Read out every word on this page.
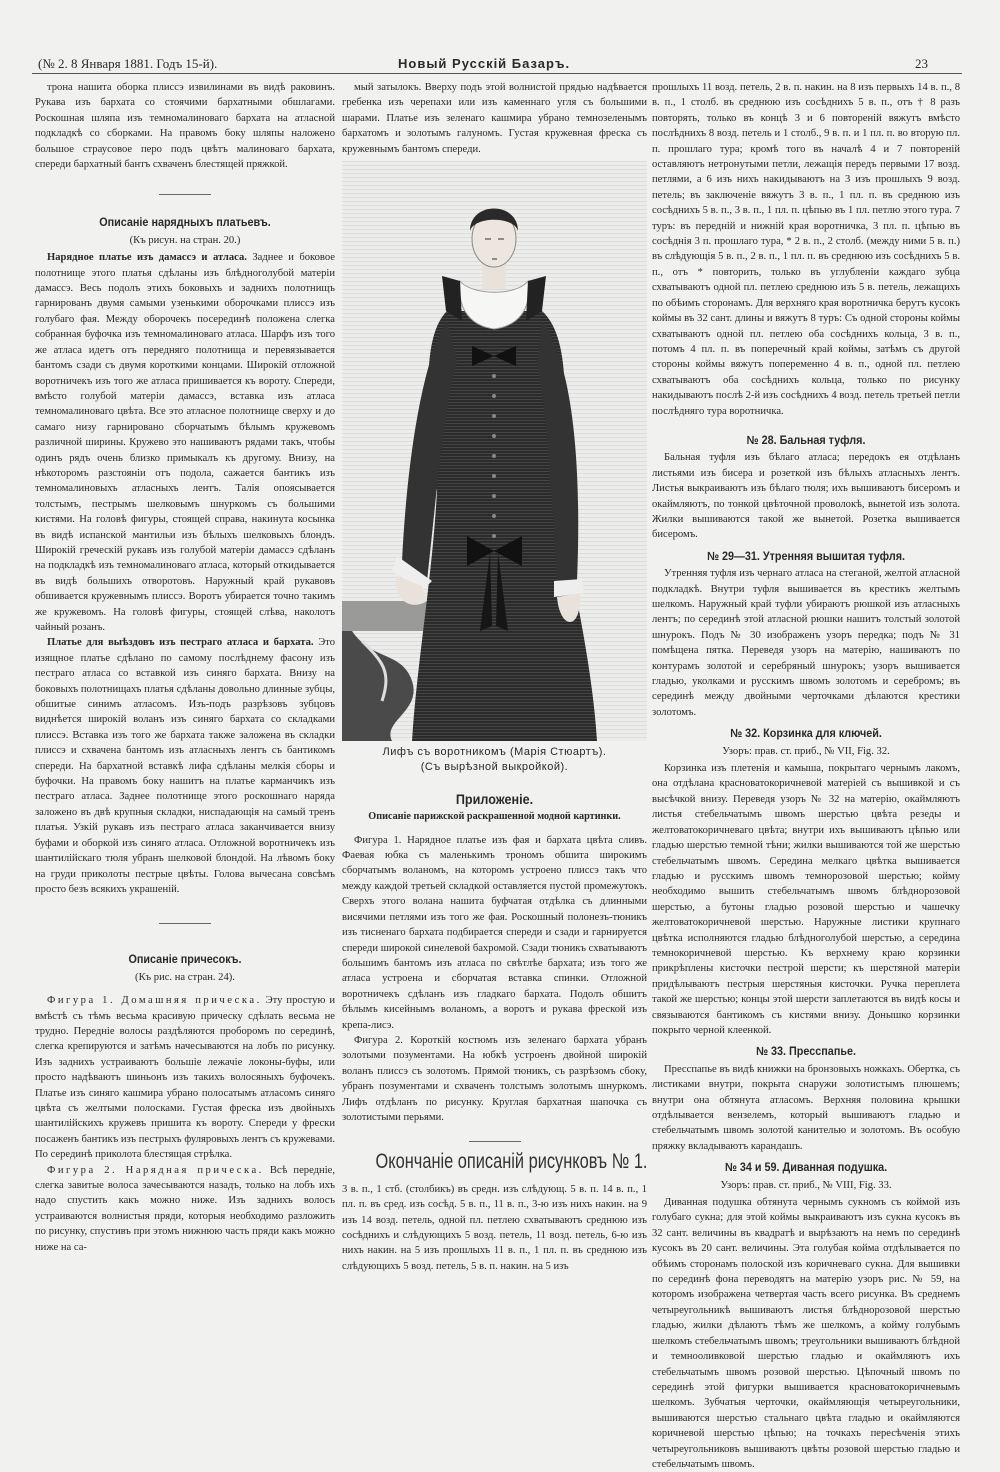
(№ 2. 8 Января 1881. Годъ 15-й).	Новый Русскій Базаръ.	23

трона нашита оборка плиссэ извилинами въ видѣ раковинъ. Рукава изъ бархата со стоячими бархатными обшлагами. Роскошная шляпа изъ темномалиноваго бархата на атласной подкладкѣ со сборками. На правомъ боку шляпы наложено большое страусовое перо подъ цвѣтъ малиноваго бархата, спереди бархатный бантъ схваченъ блестящей пряжкой.

Описаніе нарядныхъ платьевъ.
(Къ рисун. на стран. 20.)

Нарядное платье изъ дамассэ и атласа. Заднее и боковое полотнище этого платья сдѣланы изъ блѣдноголубой матеріи дамассэ. Весь подолъ этихъ боковыхъ и заднихъ полотнищъ гарнированъ двумя самыми узенькими оборочками плиссэ изъ голубаго фая. Между оборочекъ посерединѣ положена слегка собранная буфочка изъ темномалиноваго атласа. Шарфъ изъ того же атласа идетъ отъ передняго полотнища и перевязывается бантомъ сзади съ двумя короткими концами. Широкій отложной воротничекъ изъ того же атласа пришивается къ вороту. Спереди, вмѣсто голубой матеріи дамассэ, вставка изъ атласа темномалиноваго цвѣта. Все это атласное полотнище сверху и до самаго низу гарнировано сборчатымъ бѣлымъ кружевомъ различной ширины. Кружево это нашиваютъ рядами такъ, чтобы одинъ рядъ очень близко примыкалъ къ другому. Внизу, на нѣкоторомъ разстояніи отъ подола, сажается бантикъ изъ темномалиновыхъ атласныхъ лентъ. Талія опоясывается толстымъ, пестрымъ шелковымъ шнуркомъ съ большими кистями. На головѣ фигуры, стоящей справа, накинута косынка въ видѣ испанской мантильи изъ бѣлыхъ шелковыхъ блондъ. Широкій греческій рукавъ изъ голубой матеріи дамассэ сдѣланъ на подкладкѣ изъ темномалиноваго атласа, который откидывается въ видѣ большихъ отворотовъ. Наружный край рукавовъ обшивается кружевнымъ плиссэ. Воротъ убирается точно такимъ же кружевомъ. На головѣ фигуры, стоящей слѣва, наколотъ чайный розанъ.

Платье для выѣздовъ изъ пестраго атласа и бархата. Это изящное платье сдѣлано по самому послѣднему фасону изъ пестраго атласа со вставкой изъ синяго бархата. Внизу на боковыхъ полотнищахъ платья сдѣланы довольно длинные зубцы, обшитые синимъ атласомъ. Изъ-подъ разрѣзовъ зубцовъ виднѣется широкій воланъ изъ синяго бархата со складками плиссэ. Вставка изъ того же бархата также заложена въ складки плиссэ и схвачена бантомъ изъ атласныхъ лентъ съ бантикомъ спереди. На бархатной вставкѣ лифа сдѣланы мелкія сборы и буфочки. На правомъ боку нашитъ на платье карманчикъ изъ пестраго атласа. Заднее полотнище этого роскошнаго наряда заложено въ двѣ крупныя складки, ниспадающія на самый тренъ платья. Узкій рукавъ изъ пестраго атласа заканчивается внизу буфами и оборкой изъ синяго атласа. Отложной воротничекъ изъ шантилійскаго тюля убранъ шелковой блондой. На лѣвомъ боку на груди приколоты пестрые цвѣты. Голова вычесана совсѣмъ просто безъ всякихъ украшеній.

Описаніе причесокъ.
(Къ рис. на стран. 24).

Фигура 1. Домашняя прическа. Эту простую и вмѣстѣ съ тѣмъ весьма красивую прическу сдѣлать весьма не трудно. Передніе волосы раздѣляются проборомъ по серединѣ, слегка крепируются и затѣмъ начесываются на лобъ по рисунку. Изъ заднихъ устраиваютъ большіе лежачіе локоны-буфы, или просто надѣваютъ шиньонъ изъ такихъ волосяныхъ буфочекъ. Платье изъ синяго кашмира убрано полосатымъ атласомъ синяго цвѣта съ желтыми полосками. Густая фреска изъ двойныхъ шантилійскихъ кружевъ пришита къ вороту. Спереди у фрески посаженъ бантикъ изъ пестрыхъ фуляровыхъ лентъ съ кружевами. По серединѣ приколота блестящая стрѣлка.

Фигура 2. Нарядная прическа. Всѣ передніе, слегка завитые волоса зачесываются назадъ, только на лобъ ихъ надо спустить какъ можно ниже. Изъ заднихъ волосъ устраиваются волнистыя пряди, которыя необходимо разложить по рисунку, спустивъ при этомъ нижнюю часть пряди какъ можно ниже на са-

мый затылокъ. Вверху подъ этой волнистой прядью надѣвается гребенка изъ черепахи или изъ каменнаго угля съ большими шарами. Платье изъ зеленаго кашмира убрано темнозеленымъ бархатомъ и золотымъ галуномъ. Густая кружевная фреска съ кружевнымъ бантомъ спереди.

Лифъ съ воротникомъ (Марія Стюартъ).
(Съ вырѣзной выкройкой).
Приложеніе.
Описаніе парижской раскрашенной модной картинки.

Фигура 1. Нарядное платье изъ фая и бархата цвѣта сливъ. Фаевая юбка съ маленькимъ трономъ обшита широкимъ сборчатымъ воланомъ, на которомъ устроено плиссэ такъ что между каждой третьей складкой оставляется пустой промежутокъ. Сверхъ этого волана нашита буфчатая отдѣлка съ длинными висячими петлями изъ того же фая. Роскошный полонезъ-тюникъ изъ тисненаго бархата подбирается спереди и сзади и гарнируется спереди широкой синелевой бахромой. Сзади тюникъ схватываютъ большимъ бантомъ изъ атласа по свѣтлѣе бархата; изъ того же атласа устроена и сборчатая вставка спинки. Отложной воротничекъ сдѣланъ изъ гладкаго бархата. Подолъ обшитъ бѣлымъ кисейнымъ воланомъ, а воротъ и рукава фреской изъ крепа-лисэ.

Фигура 2. Короткій костюмъ изъ зеленаго бархата убранъ золотыми позументами. На юбкѣ устроенъ двойной широкій воланъ плиссэ съ золотомъ. Прямой тюникъ, съ разрѣзомъ сбоку, убранъ позументами и схваченъ толстымъ золотымъ шнуркомъ. Лифъ отдѣланъ по рисунку. Круглая бархатная шапочка съ золотистыми перьями.

Окончаніе описаній рисунковъ № 1.

3 в. п., 1 стб. (столбикъ) въ средн. изъ слѣдующ. 5 в. п. 14 в. п., 1 пл. п. въ сред. изъ сосѣд. 5 в. п., 11 в. п., 3-ю изъ нихъ накин. на 9 изъ 14 возд. петель, одной пл. петлею схватываютъ среднюю изъ сосѣднихъ и слѣдующихъ 5 возд. петель, 11 возд. петель, 6-ю изъ нихъ накин. на 5 изъ прошлыхъ 11 в. п., 1 пл. п. въ среднюю изъ слѣдующихъ 5 возд. петель, 5 в. п. накин. на 5 изъ

прошлыхъ 11 возд. петель, 2 в. п. накин. на 8 изъ первыхъ 14 в. п., 8 в. п., 1 столб. въ среднюю изъ сосѣднихъ 5 в. п., отъ † 8 разъ повторять, только въ концѣ 3 и 6 повтореній вяжутъ вмѣсто послѣднихъ 8 возд. петель и 1 столб., 9 в. п. и 1 пл. п. во вторую пл. п. прошлаго тура; кромѣ того въ началѣ 4 и 7 повтореній оставляютъ нетронутыми петли, лежащія передъ первыми 17 возд. петлями, а 6 изъ нихъ накидываютъ на 3 изъ прошлыхъ 9 возд. петель; въ заключеніе вяжутъ 3 в. п., 1 пл. п. въ среднюю изъ сосѣднихъ 5 в. п., 3 в. п., 1 пл. п. цѣпью въ 1 пл. петлю этого тура. 7 туръ: въ передній и нижній края воротничка, 3 пл. п. цѣпью въ сосѣднія 3 п. прошлаго тура, * 2 в. п., 2 столб. (между ними 5 в. п.) въ слѣдующія 5 в. п., 2 в. п., 1 пл. п. въ среднюю изъ сосѣднихъ 5 в. п., отъ * повторить, только въ углубленіи каждаго зубца схватываютъ одной пл. петлею среднюю изъ 5 в. петель, лежащихъ по обѣимъ сторонамъ. Для верхняго края воротничка берутъ кусокъ коймы въ 32 сант. длины и вяжутъ 8 туръ: Съ одной стороны коймы схватываютъ одной пл. петлею оба сосѣднихъ кольца, 3 в. п., потомъ 4 пл. п. въ поперечный край коймы, затѣмъ съ другой стороны коймы вяжутъ попеременно 4 в. п., одной пл. петлею схватываютъ оба сосѣднихъ кольца, только по рисунку накидываютъ послѣ 2-й изъ сосѣднихъ 4 возд. петель третьей петли послѣдняго тура воротничка.

№ 28. Бальная туфля.

Бальная туфля изъ бѣлаго атласа; передокъ ея отдѣланъ листьями изъ бисера и розеткой изъ бѣлыхъ атласныхъ лентъ. Листья выкраиваютъ изъ бѣлаго тюля; ихъ вышиваютъ бисеромъ и окаймляютъ, по тонкой цвѣточной проволокѣ, вынетой изъ золота. Жилки вышиваются такой же вынетой. Розетка вышивается бисеромъ.

№ 29—31. Утренняя вышитая туфля.

Утренняя туфля изъ чернаго атласа на стеганой, желтой атласной подкладкѣ. Внутри туфля вышивается въ крестикъ желтымъ шелкомъ. Наружный край туфли убираютъ рюшкой изъ атласныхъ лентъ; по серединѣ этой атласной рюшки нашитъ толстый золотой шнурокъ. Подъ № 30 изображенъ узоръ передка; подъ № 31 помѣщена пятка. Переведя узоръ на матерію, нашиваютъ по контурамъ золотой и серебряный шнурокъ; узоръ вышивается гладью, уколками и русскимъ швомъ золотомъ и серебромъ; въ серединѣ между двойными черточками дѣлаются крестики золотомъ.

№ 32. Корзинка для ключей.
Узоръ: прав. ст. приб., № VII, Fig. 32.

Корзинка изъ плетенія и камыша, покрытаго чернымъ лакомъ, она отдѣлана красноватокоричневой матеріей съ вышивкой и съ высѣчкой внизу. Переведя узоръ № 32 на матерію, окаймляютъ листья стебельчатымъ швомъ шерстью цвѣта резеды и желтоватокоричневаго цвѣта; внутри ихъ вышиваютъ цѣпью или гладью шерстью темной тѣни; жилки вышиваются той же шерстью стебельчатымъ швомъ. Середина мелкаго цвѣтка вышивается гладью и русскимъ швомъ темнорозовой шерстью; койму необходимо вышить стебельчатымъ швомъ блѣднорозовой шерстью, а бутоны гладью розовой шерстью и чашечку желтоватокоричневой шерстью. Наружные листики крупнаго цвѣтка исполняются гладью блѣдноголубой шерстью, а середина темнокоричневой шерстью. Къ верхнему краю корзинки прикрѣплены кисточки пестрой шерсти; къ шерстяной матеріи придѣлываютъ пестрыя шерстяныя кисточки. Ручка переплета такой же шерстью; концы этой шерсти заплетаются въ видѣ косы и связываются бантикомъ съ кистями внизу. Донышко корзинки покрыто черной клеенкой.

№ 33. Пресспапье.

Пресспапье въ видѣ книжки на бронзовыхъ ножкахъ. Обертка, съ листиками внутри, покрыта снаружи золотистымъ плюшемъ; внутри она обтянута атласомъ. Верхняя половина крышки отдѣлывается вензелемъ, который вышиваютъ гладью и стебельчатымъ швомъ золотой канителью и золотомъ. Въ особую пряжку вкладываютъ карандашъ.

№ 34 и 59. Диванная подушка.
Узоръ: прав. ст. приб., № VIII, Fig. 33.

Диванная подушка обтянута чернымъ сукномъ съ коймой изъ голубаго сукна; для этой коймы выкраиваютъ изъ сукна кусокъ въ 32 сант. величины въ квадратѣ и вырѣзаютъ на немъ по серединѣ кусокъ въ 20 сант. величины. Эта голубая койма отдѣлывается по обѣимъ сторонамъ полоской изъ коричневаго сукна. Для вышивки по серединѣ фона переводятъ на матерію узоръ рис. № 59, на которомъ изображена четвертая часть всего рисунка. Въ среднемъ четыреугольникѣ вышиваютъ листья блѣднорозовой шерстью гладью, жилки дѣлаютъ тѣмъ же шелкомъ, а койму голубымъ шелкомъ стебельчатымъ швомъ; треугольники вышиваютъ блѣдной и темнооливковой шерстью гладью и окаймляютъ ихъ стебельчатымъ швомъ розовой шерстью. Цѣпочный швомъ по серединѣ этой фигурки вышивается красноватокоричневымъ шелкомъ. Зубчатыя черточки, окаймляющія четыреугольники, вышиваются шерстью стальнаго цвѣта гладью и окаймляются коричневой шерстью цѣпью; на точкахъ пересѣченія этихъ четыреугольниковъ вышиваютъ цвѣты розовой шерстью гладью и стебельчатымъ швомъ.
